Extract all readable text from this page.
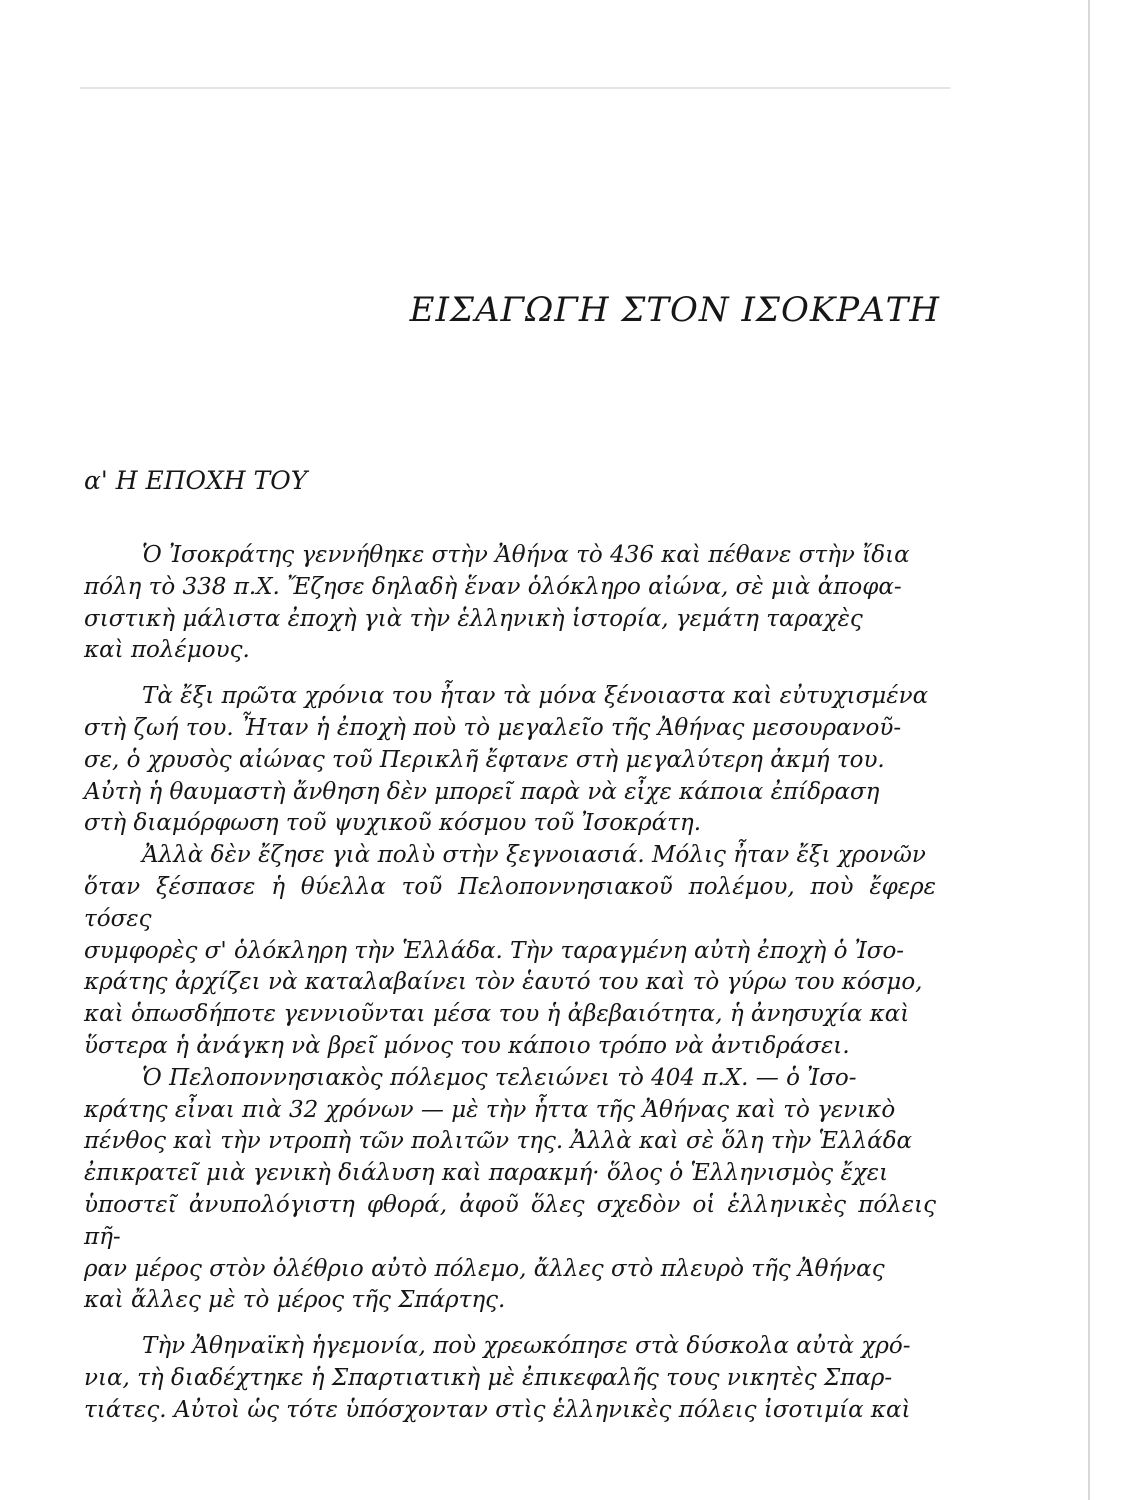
ΕΙΣΑΓΩΓΗ ΣΤΟΝ ΙΣΟΚΡΑΤΗ
α' Η ΕΠΟΧΗ ΤΟΥ

Ὁ Ἰσοκράτης γεννήθηκε στὴν Ἀθήνα τὸ 436 καὶ πέθανε στὴν ἴδια
πόλη τὸ 338 π.Χ. Ἔζησε δηλαδὴ ἕναν ὁλόκληρο αἰώνα, σὲ μιὰ ἀποφα-
σιστικὴ μάλιστα ἐποχὴ γιὰ τὴν ἑλληνικὴ ἱστορία, γεμάτη ταραχὲς
καὶ πολέμους.

Τὰ ἔξι πρῶτα χρόνια του ἦταν τὰ μόνα ξένοιαστα καὶ εὐτυχισμένα
στὴ ζωή του. Ἦταν ἡ ἐποχὴ ποὺ τὸ μεγαλεῖο τῆς Ἀθήνας μεσουρανοῦ-
σε, ὁ χρυσὸς αἰώνας τοῦ Περικλῆ ἔφτανε στὴ μεγαλύτερη ἀκμή του.
Αὐτὴ ἡ θαυμαστὴ ἄνθηση δὲν μπορεῖ παρὰ νὰ εἶχε κάποια ἐπίδραση
στὴ διαμόρφωση τοῦ ψυχικοῦ κόσμου τοῦ Ἰσοκράτη.

Ἀλλὰ δὲν ἔζησε γιὰ πολὺ στὴν ξεγνοιασιά. Μόλις ἦταν ἔξι χρονῶν
ὅταν ξέσπασε ἡ θύελλα τοῦ Πελοποννησιακοῦ πολέμου, ποὺ ἔφερε τόσες
συμφορὲς σ' ὁλόκληρη τὴν Ἑλλάδα. Τὴν ταραγμένη αὐτὴ ἐποχὴ ὁ Ἰσο-
κράτης ἀρχίζει νὰ καταλαβαίνει τὸν ἑαυτό του καὶ τὸ γύρω του κόσμο,
καὶ ὁπωσδήποτε γεννιοῦνται μέσα του ἡ ἀβεβαιότητα, ἡ ἀνησυχία καὶ
ὕστερα ἡ ἀνάγκη νὰ βρεῖ μόνος του κάποιο τρόπο νὰ ἀντιδράσει.

Ὁ Πελοποννησιακὸς πόλεμος τελειώνει τὸ 404 π.Χ. — ὁ Ἰσο-
κράτης εἶναι πιὰ 32 χρόνων — μὲ τὴν ἧττα τῆς Ἀθήνας καὶ τὸ γενικὸ
πένθος καὶ τὴν ντροπὴ τῶν πολιτῶν της. Ἀλλὰ καὶ σὲ ὅλη τὴν Ἑλλάδα
ἐπικρατεῖ μιὰ γενικὴ διάλυση καὶ παρακμή· ὅλος ὁ Ἑλληνισμὸς ἔχει
ὑποστεῖ ἀνυπολόγιστη φθορά, ἀφοῦ ὅλες σχεδὸν οἱ ἑλληνικὲς πόλεις πῆ-
ραν μέρος στὸν ὀλέθριο αὐτὸ πόλεμο, ἄλλες στὸ πλευρὸ τῆς Ἀθήνας
καὶ ἄλλες μὲ τὸ μέρος τῆς Σπάρτης.

Τὴν Ἀθηναϊκὴ ἡγεμονία, ποὺ χρεωκόπησε στὰ δύσκολα αὐτὰ χρό-
νια, τὴ διαδέχτηκε ἡ Σπαρτιατικὴ μὲ ἐπικεφαλῆς τους νικητὲς Σπαρ-
τιάτες. Αὐτοὶ ὡς τότε ὑπόσχονταν στὶς ἑλληνικὲς πόλεις ἰσοτιμία καὶ
